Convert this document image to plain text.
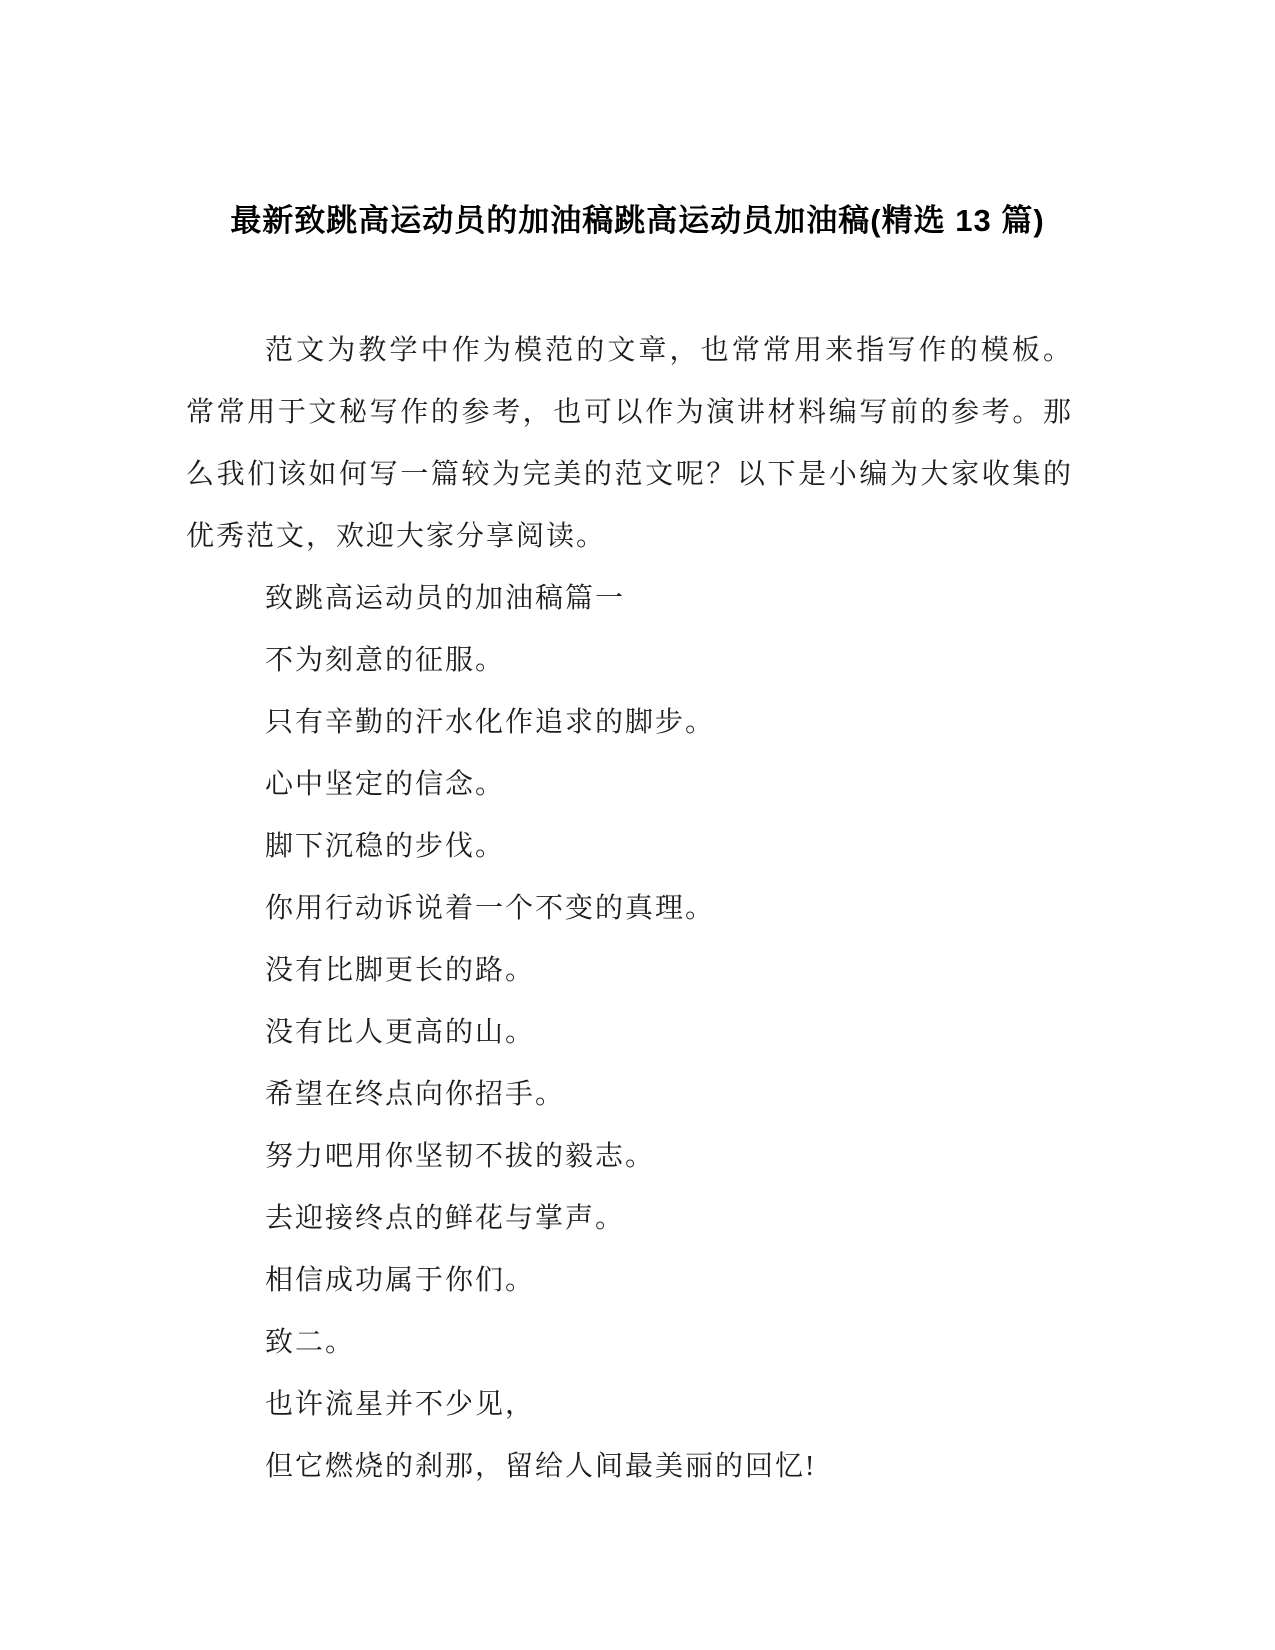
最新致跳高运动员的加油稿跳高运动员加油稿(精选 13 篇)

范文为教学中作为模范的文章，也常常用来指写作的模板。常常用于文秘写作的参考，也可以作为演讲材料编写前的参考。那么我们该如何写一篇较为完美的范文呢？以下是小编为大家收集的优秀范文，欢迎大家分享阅读。

致跳高运动员的加油稿篇一
不为刻意的征服。
只有辛勤的汗水化作追求的脚步。
心中坚定的信念。
脚下沉稳的步伐。
你用行动诉说着一个不变的真理。
没有比脚更长的路。
没有比人更高的山。
希望在终点向你招手。
努力吧用你坚韧不拔的毅志。
去迎接终点的鲜花与掌声。
相信成功属于你们。
致二。
也许流星并不少见，
但它燃烧的刹那，留给人间最美丽的回忆!
